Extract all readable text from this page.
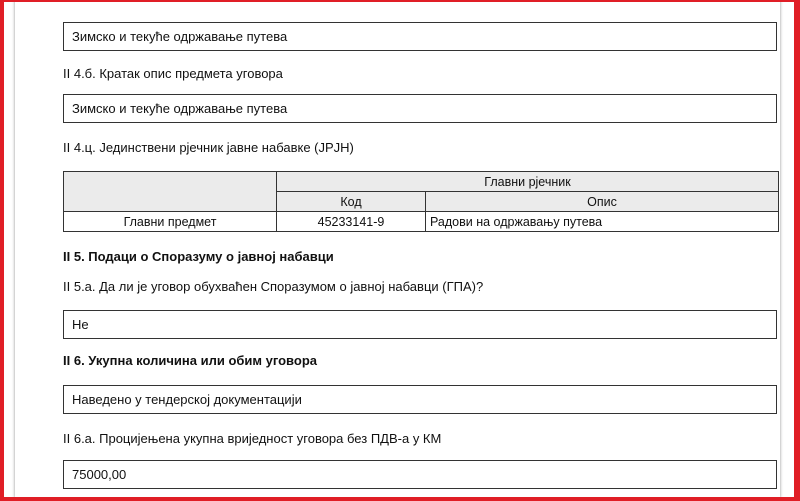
Зимско и текуће одржавање путева
II 4.б. Кратак опис предмета уговора
Зимско и текуће одржавање путева
II 4.ц. Јединствени рјечник јавне набавке (JPJH)
	Главни рјечник	
	Код	Опис
Главни предмет	45233141-9	Радови на одржавању путева
II 5. Подаци о Споразуму о јавној набавци
II 5.а. Да ли је уговор обухваћен Споразумом о јавној набавци (ГПА)?
Не
II 6. Укупна количина или обим уговора
Наведено у тендерској документацији
II 6.а. Процијењена укупна вриједност уговора без ПДВ-а у КМ
75000,00
